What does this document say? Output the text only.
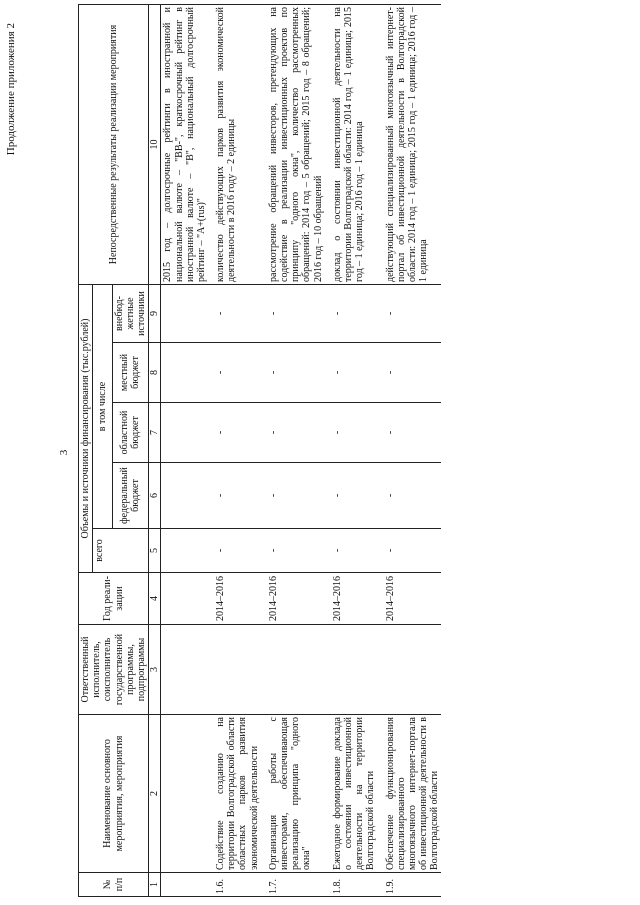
Продолжение приложения 2
3
№ п/п	Наименование основного мероприятия, мероприятия	Ответственный исполнитель, соисполнитель государственной программы, подпрограммы	Год реали-зации	Объемы и источники финансирования (тыс.рублей)					Непосредственные результаты реализации мероприятия
				всего	в том числе				
					федеральный бюджет	областной бюджет	местный бюджет	внебюд-жетные источники	
1	2	3	4	5	6	7	8	9	10
									2015 год – долгосрочные рейтинги в иностранной и национальной валюте – "BB-", краткосрочный рейтинг в иностранной валюте – "B", национальный долгосрочный рейтинг – "A+(rus)"

1.6.	Содействие созданию на территории Волгоградской области областных парков развития экономической деятельности		2014–2016	-	-	-	-	-	количество действующих парков развития экономической деятельности в 2016 году – 2 единицы

1.7.	Организация работы с инвесторами, обеспечивающая реализацию принципа "одного окна"		2014–2016	-	-	-	-	-	рассмотрение обращений инвесторов, претендующих на содействие в реализации инвестиционных проектов по принципу "одного окна", количество рассмотренных обращений: 2014 год – 5 обращений; 2015 год – 8 обращений; 2016 год – 10 обращений

1.8.	Ежегодное формирование доклада о состоянии инвестиционной деятельности на территории Волгоградской области		2014–2016	-	-	-	-	-	доклад о состоянии инвестиционной деятельности на территории Волгоградской области: 2014 год – 1 единица; 2015 год – 1 единица; 2016 год – 1 единица

1.9.	Обеспечение функционирования специализированного многоязычного интернет-портала об инвестиционной деятельности в Волгоградской области		2014–2016	-	-	-	-	-	действующий специализированный многоязычный интернет-портал об инвестиционной деятельности в Волгоградской области: 2014 год – 1 единица; 2015 год – 1 единица; 2016 год – 1 единица
